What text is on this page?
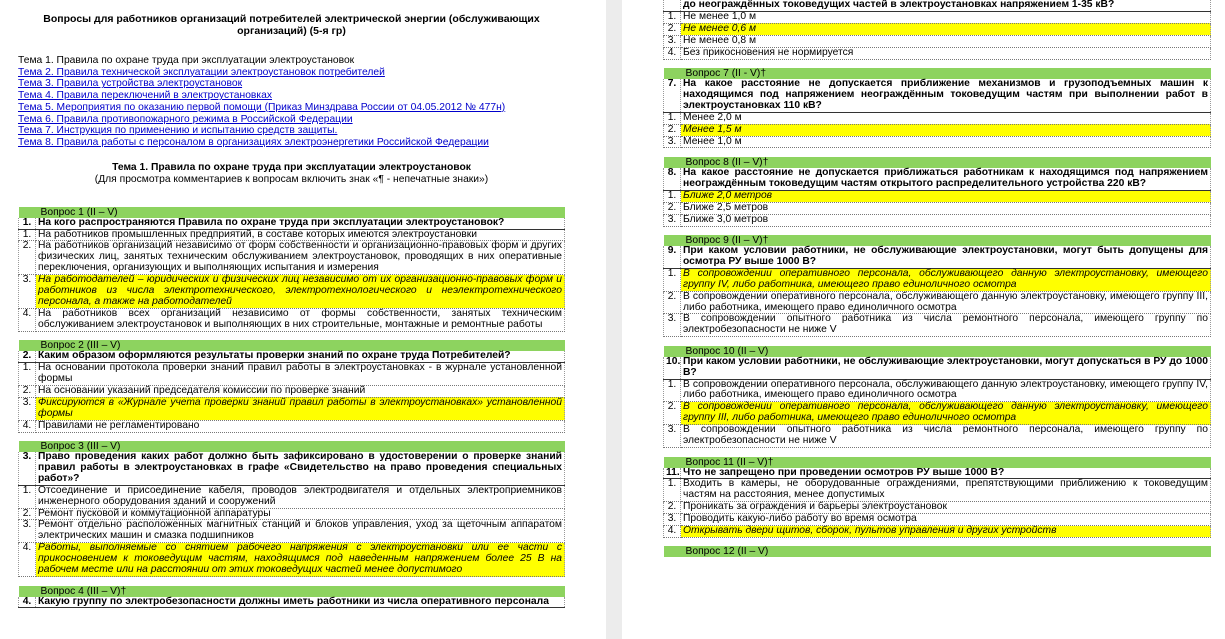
Вопросы для работников организаций потребителей электрической энергии (обслуживающих организаций) (5-я гр)
Тема 1. Правила по охране труда при эксплуатации электроустановок
Тема 2. Правила технической эксплуатации электроустановок потребителей
Тема 3. Правила устройства электроустановок
Тема 4. Правила переключений в электроустановках
Тема 5. Мероприятия по оказанию первой помощи (Приказ Минздрава России от 04.05.2012 № 477н)
Тема 6. Правила противопожарного режима в Российской Федерации
Тема 7. Инструкция по применению и испытанию средств защиты.
Тема 8. Правила работы с персоналом в организациях электроэнергетики Российской Федерации
Тема 1. Правила по охране труда при эксплуатации электроустановок
(Для просмотра комментариев к вопросам включить знак «¶ - непечатные знаки»)

Вопрос 1 (II – V)	
1.	На кого распространяются Правила по охране труда при эксплуатации электроустановок?
1.	На работников промышленных предприятий, в составе которых имеются электроустановки
2.	На работников организаций независимо от форм собственности и организационно-правовых форм и других физических лиц, занятых техническим обслуживанием электроустановок, проводящих в них оперативные переключения, организующих и выполняющих испытания и измерения
3.	На работодателей – юридических и физических лиц независимо от их организационно-правовых форм и работников из числа электротехнического, электротехнологического и неэлектротехнического персонала, а также на работодателей
4.	На работников всех организаций независимо от формы собственности, занятых техническим обслуживанием электроустановок и выполняющих в них строительные, монтажные и ремонтные работы

Вопрос 2 (III – V)	
2.	Каким образом оформляются результаты проверки знаний по охране труда Потребителей?
1.	На основании протокола проверки знаний правил работы в электроустановках - в журнале установленной формы
2.	На основании указаний председателя комиссии по проверке знаний
3.	Фиксируются в «Журнале учета проверки знаний правил работы в электроустановках» установленной формы
4.	Правилами не регламентировано

Вопрос 3 (III – V)	
3.	Право проведения каких работ должно быть зафиксировано в удостоверении о проверке знаний правил работы в электроустановках в графе «Свидетельство на право проведения специальных работ»?
1.	Отсоединение и присоединение кабеля, проводов электродвигателя и отдельных электроприемников инженерного оборудования зданий и сооружений
2.	Ремонт пусковой и коммутационной аппаратуры
3.	Ремонт отдельно расположенных магнитных станций и блоков управления, уход за щеточным аппаратом электрических машин и смазка подшипников
4.	Работы, выполняемые со снятием рабочего напряжения с электроустановки или ее части с прикосновением к токоведущим частям, находящимся под наведенным напряжением более 25 В на рабочем месте или на расстоянии от этих токоведущих частей менее допустимого

Вопрос 4 (III – V)†	
4.	Какую группу по электробезопасности должны иметь работники из числа оперативного персонала
	до неограждённых токоведущих частей в электроустановках напряжением 1-35 кВ?
1.	Не менее 1,0 м
2.	Не менее 0,6 м
3.	Не менее 0,8 м
4.	Без прикосновения не нормируется

Вопрос 7 (II - V)†	
7.	На какое расстояние не допускается приближение механизмов и грузоподъемных машин к находящимся под напряжением неограждённым токоведущим частям при выполнении работ в электроустановках 110 кВ?
1.	Менее 2,0 м
2.	Менее 1,5 м
3.	Менее 1,0 м

Вопрос 8 (II – V)†	
8.	На какое расстояние не допускается приближаться работникам к находящимся под напряжением неограждённым токоведущим частям открытого распределительного устройства 220 кВ?
1.	Ближе 2,0 метров
2.	Ближе 2,5 метров
3.	Ближе 3,0 метров

Вопрос 9 (II – V)†	
9.	При каком условии работники, не обслуживающие электроустановки, могут быть допущены для осмотра РУ выше 1000 В?
1.	В сопровождении оперативного персонала, обслуживающего данную электроустановку, имеющего группу IV, либо работника, имеющего право единоличного осмотра
2.	В сопровождении оперативного персонала, обслуживающего данную электроустановку, имеющего группу III, либо работника, имеющего право единоличного осмотра
3.	В сопровождении опытного работника из числа ремонтного персонала, имеющего группу по электробезопасности не ниже V

Вопрос 10 (II – V)	
10.	При каком условии работники, не обслуживающие электроустановки, могут допускаться в РУ до 1000 В?
1.	В сопровождении оперативного персонала, обслуживающего данную электроустановку, имеющего группу IV, либо работника, имеющего право единоличного осмотра
2.	В сопровождении оперативного персонала, обслуживающего данную электроустановку, имеющего группу III, либо работника, имеющего право единоличного осмотра
3.	В сопровождении опытного работника из числа ремонтного персонала, имеющего группу по электробезопасности не ниже V

Вопрос 11 (II – V)†	
11.	Что не запрещено при проведении осмотров РУ выше 1000 В?
1.	Входить в камеры, не оборудованные ограждениями, препятствующими приближению к токоведущим частям на расстояния, менее допустимых
2.	Проникать за ограждения и барьеры электроустановок
3.	Проводить какую-либо работу во время осмотра
4.	Открывать двери щитов, сборок, пультов управления и других устройств

Вопрос 12 (II – V)	
